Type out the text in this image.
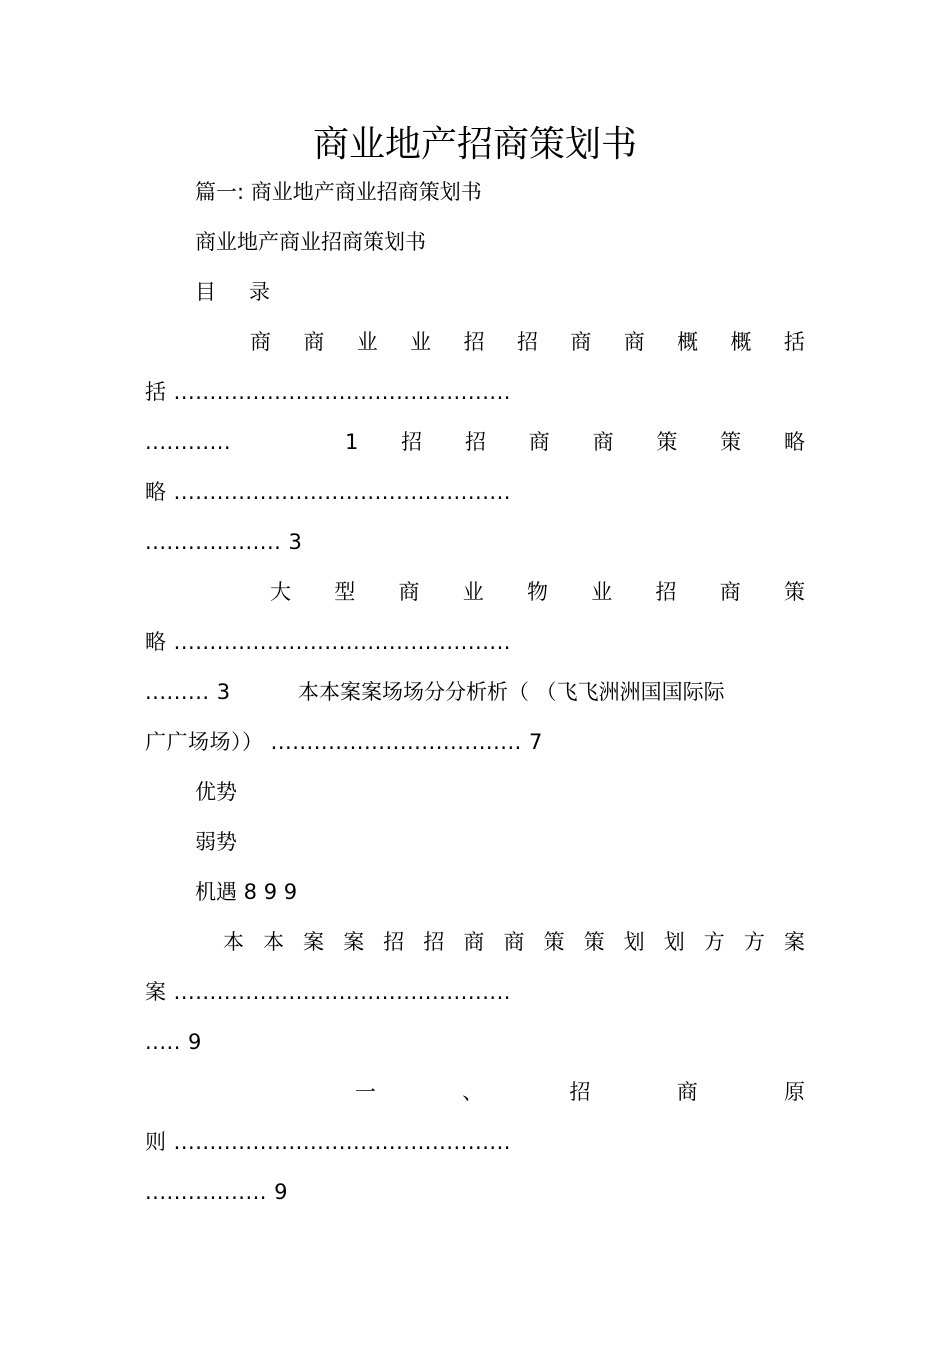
商业地产招商策划书
篇一: 商业地产商业招商策划书
商业地产商业招商策划书
目 录
商 商 业 业 招 招 商 商 概 概 括
括 ...............................................
............	1 招 招 商 商 策 策 略
略 ...............................................
................... 3
大 型 商 业 物 业 招 商 策
略 ...............................................
......... 3	本本案案场场分分析析（ （飞飞洲洲国国际际
广广场场）） ................................... 7
优势
弱势
机遇 8 9 9
本 本 案 案 招 招 商 商 策 策 划 划 方 方 案
案 ...............................................
..... 9
一	、	招	商	原
则 ...............................................
................. 9
